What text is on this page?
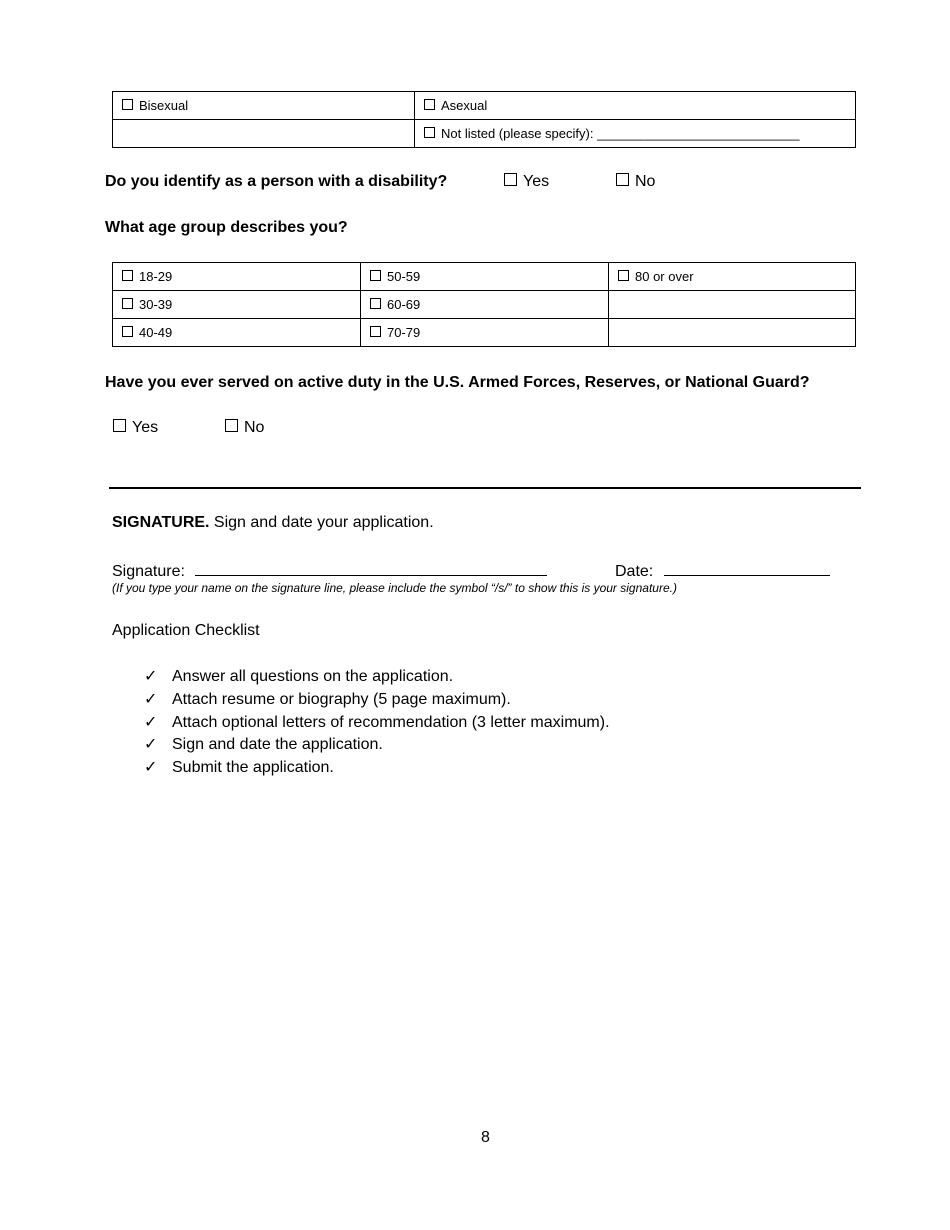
Bisexual	Asexual
	Not listed (please specify): ____________________________
Do you identify as a person with a disability?	Yes	No
What age group describes you?
18-29	50-59	80 or over
30-39	60-69	
40-49	70-79	
Have you ever served on active duty in the U.S. Armed Forces, Reserves, or National Guard?
Yes	No
SIGNATURE. Sign and date your application.
Signature:	Date:
(If you type your name on the signature line, please include the symbol “/s/” to show this is your signature.)
Application Checklist
✓ Answer all questions on the application.
✓ Attach resume or biography (5 page maximum).
✓ Attach optional letters of recommendation (3 letter maximum).
✓ Sign and date the application.
✓ Submit the application.
8
